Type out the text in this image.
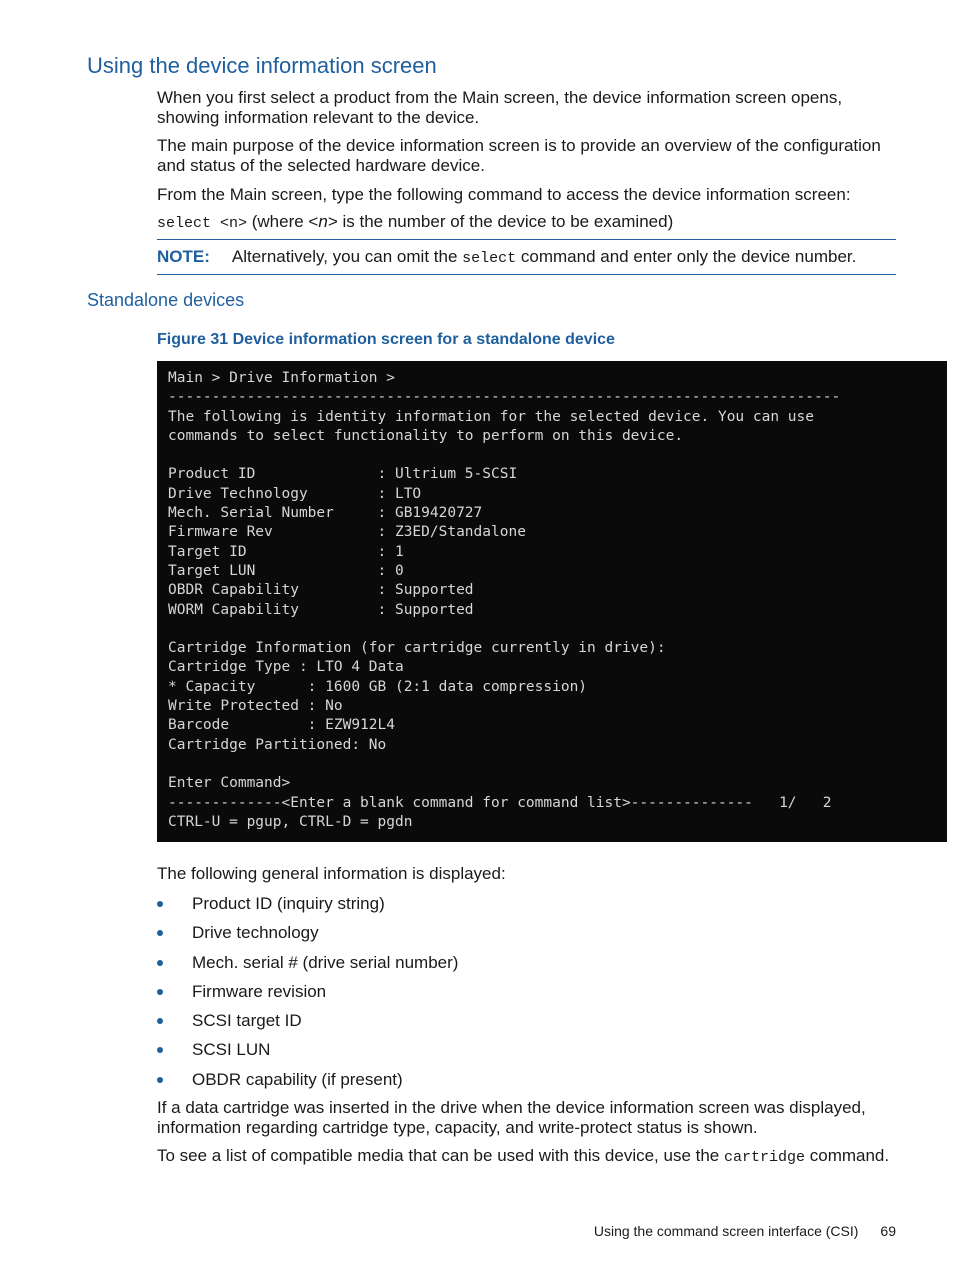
Using the device information screen

When you first select a product from the Main screen, the device information screen opens, showing information relevant to the device.

The main purpose of the device information screen is to provide an overview of the configuration and status of the selected hardware device.

From the Main screen, type the following command to access the device information screen:

select <n> (where <n> is the number of the device to be examined)

NOTE: Alternatively, you can omit the select command and enter only the device number.
Standalone devices

Figure 31 Device information screen for a standalone device

Main > Drive Information >
-----------------------------------------------------------------------------
The following is identity information for the selected device. You can use
commands to select functionality to perform on this device.

Product ID              : Ultrium 5-SCSI
Drive Technology        : LTO
Mech. Serial Number     : GB19420727
Firmware Rev            : Z3ED/Standalone
Target ID               : 1
Target LUN              : 0
OBDR Capability         : Supported
WORM Capability         : Supported

Cartridge Information (for cartridge currently in drive):
Cartridge Type : LTO 4 Data
* Capacity      : 1600 GB (2:1 data compression)
Write Protected : No
Barcode         : EZW912L4
Cartridge Partitioned: No

Enter Command>
-------------<Enter a blank command for command list>--------------   1/   2
CTRL-U = pgup, CTRL-D = pgdn

The following general information is displayed:

Product ID (inquiry string)
Drive technology
Mech. serial # (drive serial number)
Firmware revision
SCSI target ID
SCSI LUN
OBDR capability (if present)

If a data cartridge was inserted in the drive when the device information screen was displayed, information regarding cartridge type, capacity, and write-protect status is shown.

To see a list of compatible media that can be used with this device, use the cartridge command.

Using the command screen interface (CSI) 69
